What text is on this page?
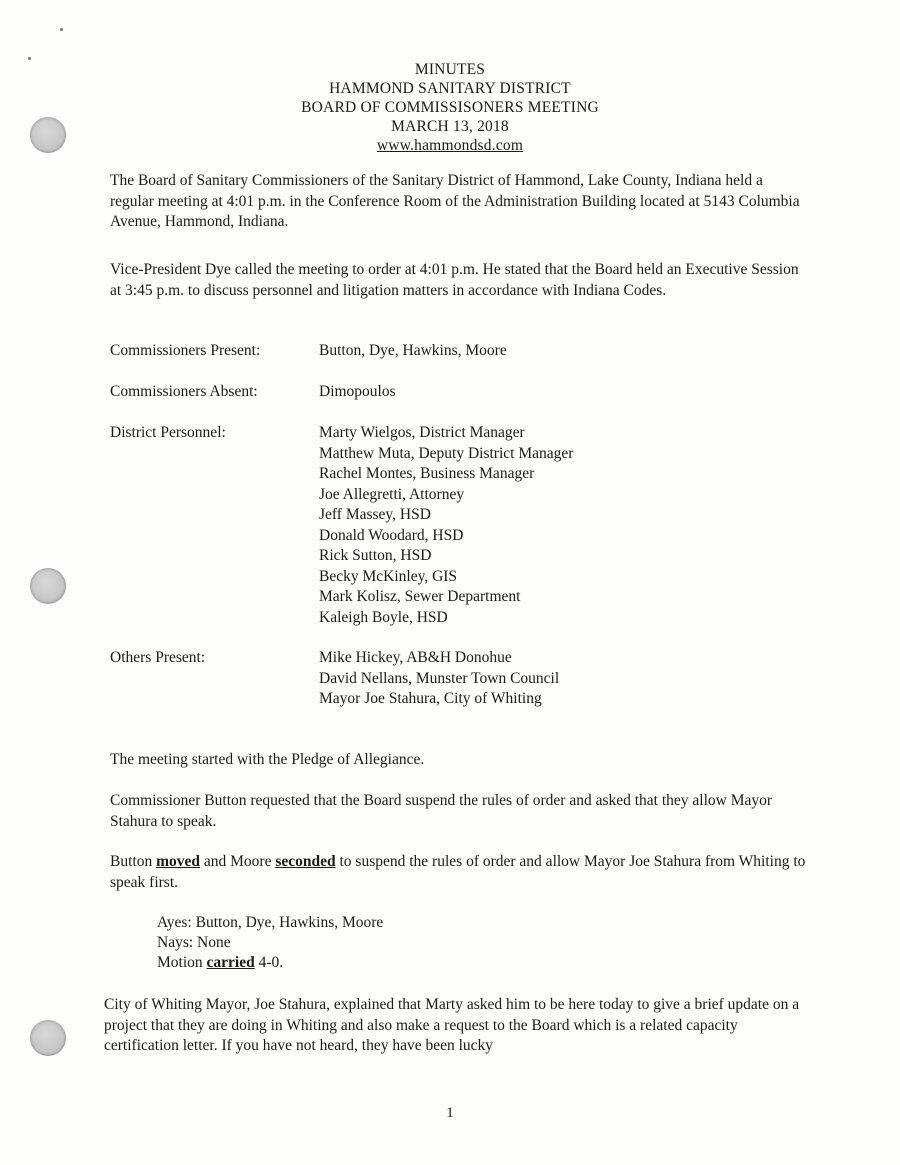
MINUTES
HAMMOND SANITARY DISTRICT
BOARD OF COMMISSISONERS MEETING
MARCH 13, 2018
www.hammondsd.com
The Board of Sanitary Commissioners of the Sanitary District of Hammond, Lake County, Indiana held a regular meeting at 4:01 p.m. in the Conference Room of the Administration Building located at 5143 Columbia Avenue, Hammond, Indiana.
Vice-President Dye called the meeting to order at 4:01 p.m. He stated that the Board held an Executive Session at 3:45 p.m. to discuss personnel and litigation matters in accordance with Indiana Codes.
Commissioners Present:	Button, Dye, Hawkins, Moore
Commissioners Absent:	Dimopoulos
District Personnel:	Marty Wielgos, District Manager
Matthew Muta, Deputy District Manager
Rachel Montes, Business Manager
Joe Allegretti, Attorney
Jeff Massey, HSD
Donald Woodard, HSD
Rick Sutton, HSD
Becky McKinley, GIS
Mark Kolisz, Sewer Department
Kaleigh Boyle, HSD
Others Present:	Mike Hickey, AB&H Donohue
David Nellans, Munster Town Council
Mayor Joe Stahura, City of Whiting
The meeting started with the Pledge of Allegiance.
Commissioner Button requested that the Board suspend the rules of order and asked that they allow Mayor Stahura to speak.
Button moved and Moore seconded to suspend the rules of order and allow Mayor Joe Stahura from Whiting to speak first.
Ayes: Button, Dye, Hawkins, Moore
Nays: None
Motion carried 4-0.
City of Whiting Mayor, Joe Stahura, explained that Marty asked him to be here today to give a brief update on a project that they are doing in Whiting and also make a request to the Board which is a related capacity certification letter. If you have not heard, they have been lucky
1
